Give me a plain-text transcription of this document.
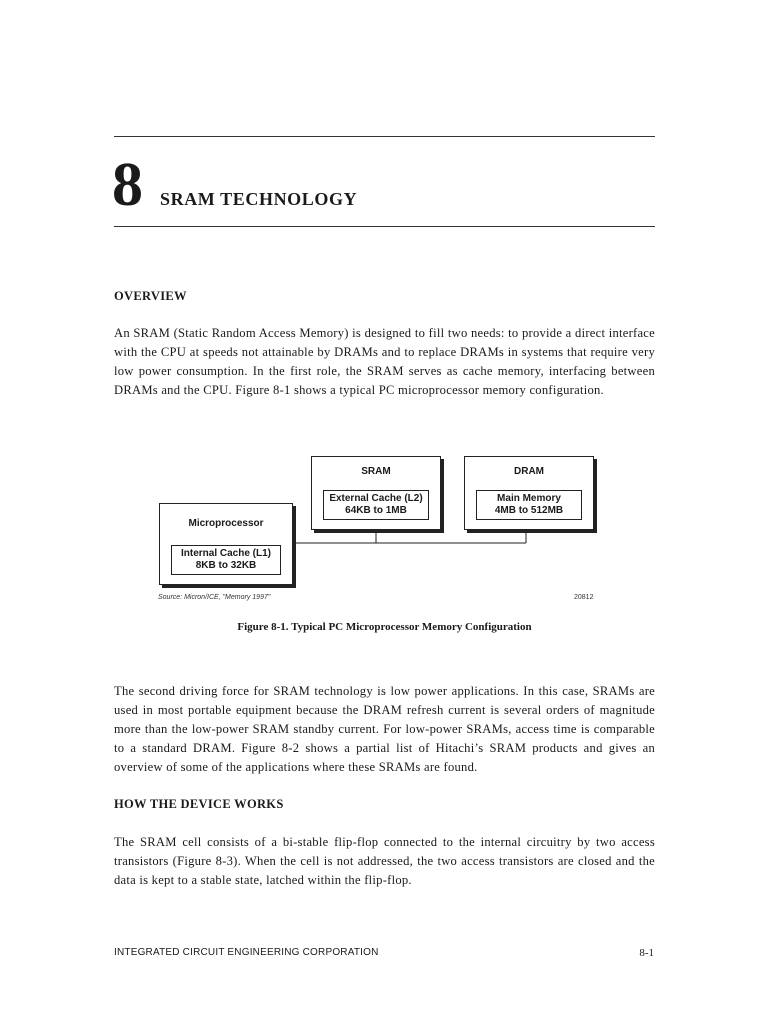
8 SRAM TECHNOLOGY
OVERVIEW

An SRAM (Static Random Access Memory) is designed to fill two needs: to provide a direct interface with the CPU at speeds not attainable by DRAMs and to replace DRAMs in systems that require very low power consumption. In the first role, the SRAM serves as cache memory, interfacing between DRAMs and the CPU. Figure 8-1 shows a typical PC microprocessor memory configuration.

SRAM
External Cache (L2)
64KB to 1MB
DRAM
Main Memory
4MB to 512MB
Microprocessor
Internal Cache (L1)
8KB to 32KB
Source: Micron/ICE, "Memory 1997"	20812
Figure 8-1. Typical PC Microprocessor Memory Configuration

The second driving force for SRAM technology is low power applications. In this case, SRAMs are used in most portable equipment because the DRAM refresh current is several orders of magnitude more than the low-power SRAM standby current. For low-power SRAMs, access time is comparable to a standard DRAM. Figure 8-2 shows a partial list of Hitachi’s SRAM products and gives an overview of some of the applications where these SRAMs are found.

HOW THE DEVICE WORKS

The SRAM cell consists of a bi-stable flip-flop connected to the internal circuitry by two access transistors (Figure 8-3). When the cell is not addressed, the two access transistors are closed and the data is kept to a stable state, latched within the flip-flop.

INTEGRATED CIRCUIT ENGINEERING CORPORATION	8-1
